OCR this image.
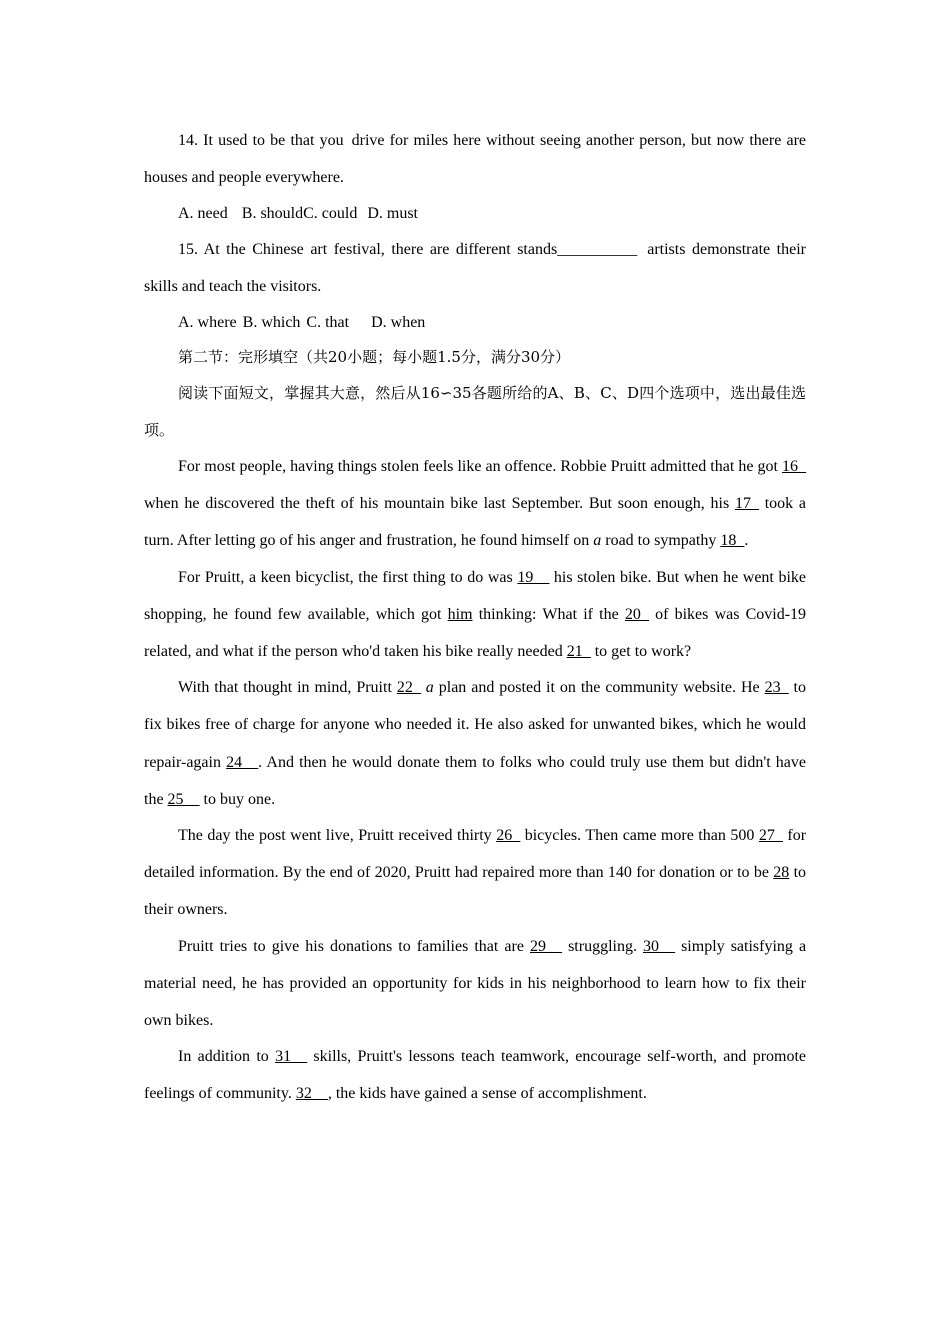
14. It used to be that you drive for miles here without seeing another person, but now there are houses and people everywhere.

A. need B. shouldC. could D. must

15. At the Chinese art festival, there are different stands__________ artists demonstrate their skills and teach the visitors.

A. where B. which C. that D. when

第二节：完形填空（共20小题；每小题1.5分，满分30分）

阅读下面短文，掌握其大意，然后从16∽35各题所给的A、B、C、D四个选项中，选出最佳选项。

For most people, having things stolen feels like an offence. Robbie Pruitt admitted that he got 16_ when he discovered the theft of his mountain bike last September. But soon enough, his 17_ took a turn. After letting go of his anger and frustration, he found himself on a road to sympathy 18_.

For Pruitt, a keen bicyclist, the first thing to do was 19__ his stolen bike. But when he went bike shopping, he found few available, which got him thinking: What if the 20_ of bikes was Covid-19 related, and what if the person who'd taken his bike really needed 21_ to get to work?

With that thought in mind, Pruitt 22_ a plan and posted it on the community website. He 23_ to fix bikes free of charge for anyone who needed it. He also asked for unwanted bikes, which he would repair-again 24__. And then he would donate them to folks who could truly use them but didn't have the 25__ to buy one.

The day the post went live, Pruitt received thirty 26_ bicycles. Then came more than 500 27_ for detailed information. By the end of 2020, Pruitt had repaired more than 140 for donation or to be 28 to their owners.

Pruitt tries to give his donations to families that are 29__ struggling. 30__ simply satisfying a material need, he has provided an opportunity for kids in his neighborhood to learn how to fix their own bikes.

In addition to 31__ skills, Pruitt's lessons teach teamwork, encourage self-worth, and promote feelings of community. 32__, the kids have gained a sense of accomplishment.
